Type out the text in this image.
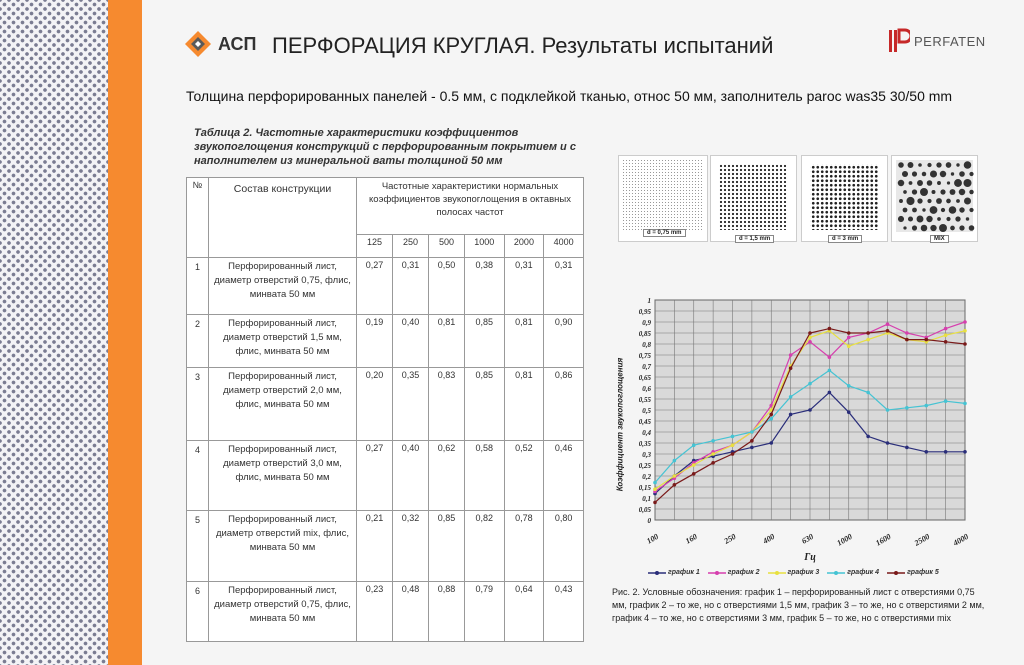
АСП ПЕРФОРАЦИЯ КРУГЛАЯ. Результаты испытаний	PERFATEN
Толщина перфорированных панелей - 0.5 мм, с подклейкой тканью, относ 50 мм, заполнитель paroc was35 30/50 mm
Таблица 2. Частотные характеристики коэффициентов звукопоглощения конструкций с перфорированным покрытием и с наполнителем из минеральной ваты толщиной 50 мм
№	Состав конструкции	Частотные характеристики нормальных коэффициентов звукопоглощения в октавных полосах частот					
		125	250	500	1000	2000	4000
1	Перфорированный лист, диаметр отверстий 0,75, флис, минвата 50 мм	0,27	0,31	0,50	0,38	0,31	0,31
2	Перфорированный лист, диаметр отверстий 1,5 мм, флис, минвата 50 мм	0,19	0,40	0,81	0,85	0,81	0,90
3	Перфорированный лист, диаметр отверстий 2,0 мм, флис, минвата 50 мм	0,20	0,35	0,83	0,85	0,81	0,86
4	Перфорированный лист, диаметр отверстий 3,0 мм, флис, минвата 50 мм	0,27	0,40	0,62	0,58	0,52	0,46
5	Перфорированный лист, диаметр отверстий mix, флис, минвата 50 мм	0,21	0,32	0,85	0,82	0,78	0,80
6	Перфорированный лист, диаметр отверстий 0,75, флис, минвата 50 мм	0,23	0,48	0,88	0,79	0,64	0,43
d = 0,75 mm
d = 1,5 mm	d = 3 mm	MIX
0
0,05
0,1
0,15
0,2
0,25
0,3
0,35
0,4
0,45
0,5
0,55
0,6
0,65
0,7
0,75
0,8
0,85
0,9
0,95
1
100	160	250	400	630	1000	1600	2500	4000
Гц
Коэффициент звукопоглощения
график 1	график 2	график 3	график 4	график 5
Рис. 2. Условные обозначения: график 1 – перфорированный лист с отверстиями 0,75 мм, график 2 – то же, но с отверстиями 1,5 мм, график 3 – то же, но с отверстиями 2 мм, график 4 – то же, но с отверстиями 3 мм, график 5 – то же, но с отверстиями mix
